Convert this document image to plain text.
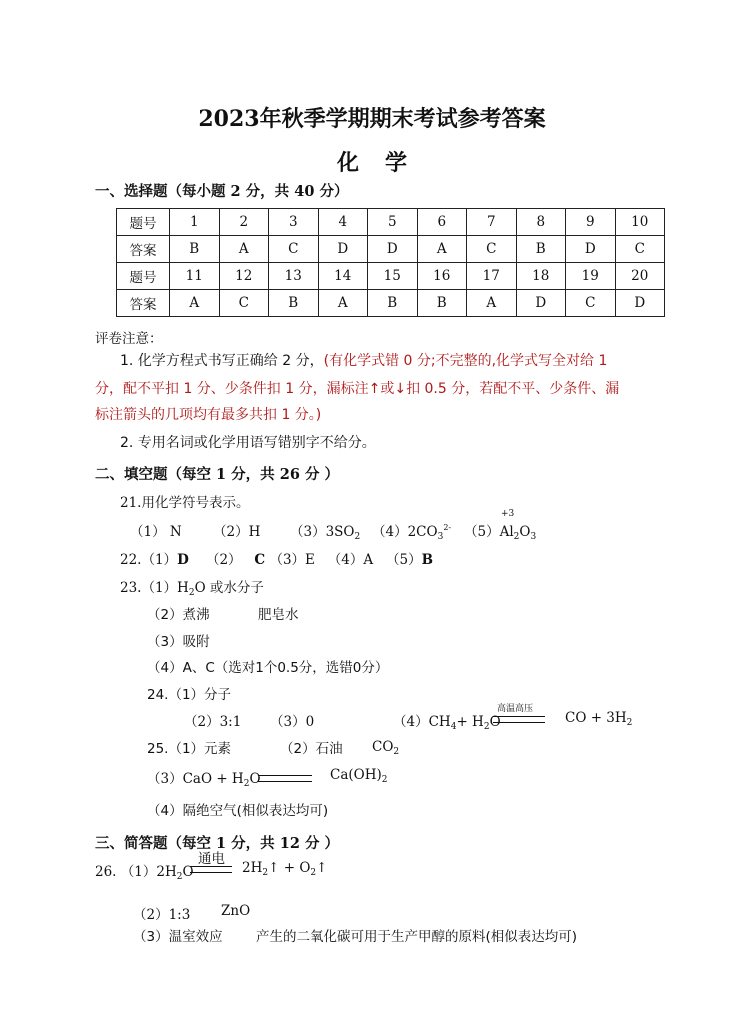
2023年秋季学期期末考试参考答案
化学
一、选择题（每小题 2 分，共 40 分）
题号	1	2	3	4	5	6	7	8	9	10
答案	B	A	C	D	D	A	C	B	D	C
题号	11	12	13	14	15	16	17	18	19	20
答案	A	C	B	A	B	B	A	D	C	D
评卷注意：
1. 化学方程式书写正确给 2 分，(有化学式错 0 分;不完整的,化学式写全对给 1
分，配不平扣 1 分、少条件扣 1 分，漏标注↑或↓扣 0.5 分，若配不平、少条件、漏
标注箭头的几项均有最多共扣 1 分。)
2. 专用名词或化学用语写错别字不给分。
二、填空题（每空 1 分，共 26 分 ）
21.用化学符号表示。
（1） N （2）H $(3)3SO_2$ $(4)2CO_3^{2-}$ $(5)Al_2O_3$
+3
22.（1）D （2） C （3）E （4）A （5）B
$23.(1)H_2O$ 或水分子
（2）煮沸	肥皂水
（3）吸附
（4）A、C（选对1个0.5分，选错0分）
24.（1）分子
（2）3:1 （3）0	$(4)CH_4+ H_2O$
高温高压
CO + $3H_2$
25.（1）元素	（2）石油 $CO_2$
$(3)CaO + H_2O$	$Ca(OH)_2$
（4）隔绝空气(相似表达均可)
三、简答题（每空 1 分，共 12 分 ）
26. $(1)2H_2O$
通电
$2H_2↑$ + $O_2↑$
（2）1:3 ZnO
（3）温室效应 产生的二氧化碳可用于生产甲醇的原料(相似表达均可)
